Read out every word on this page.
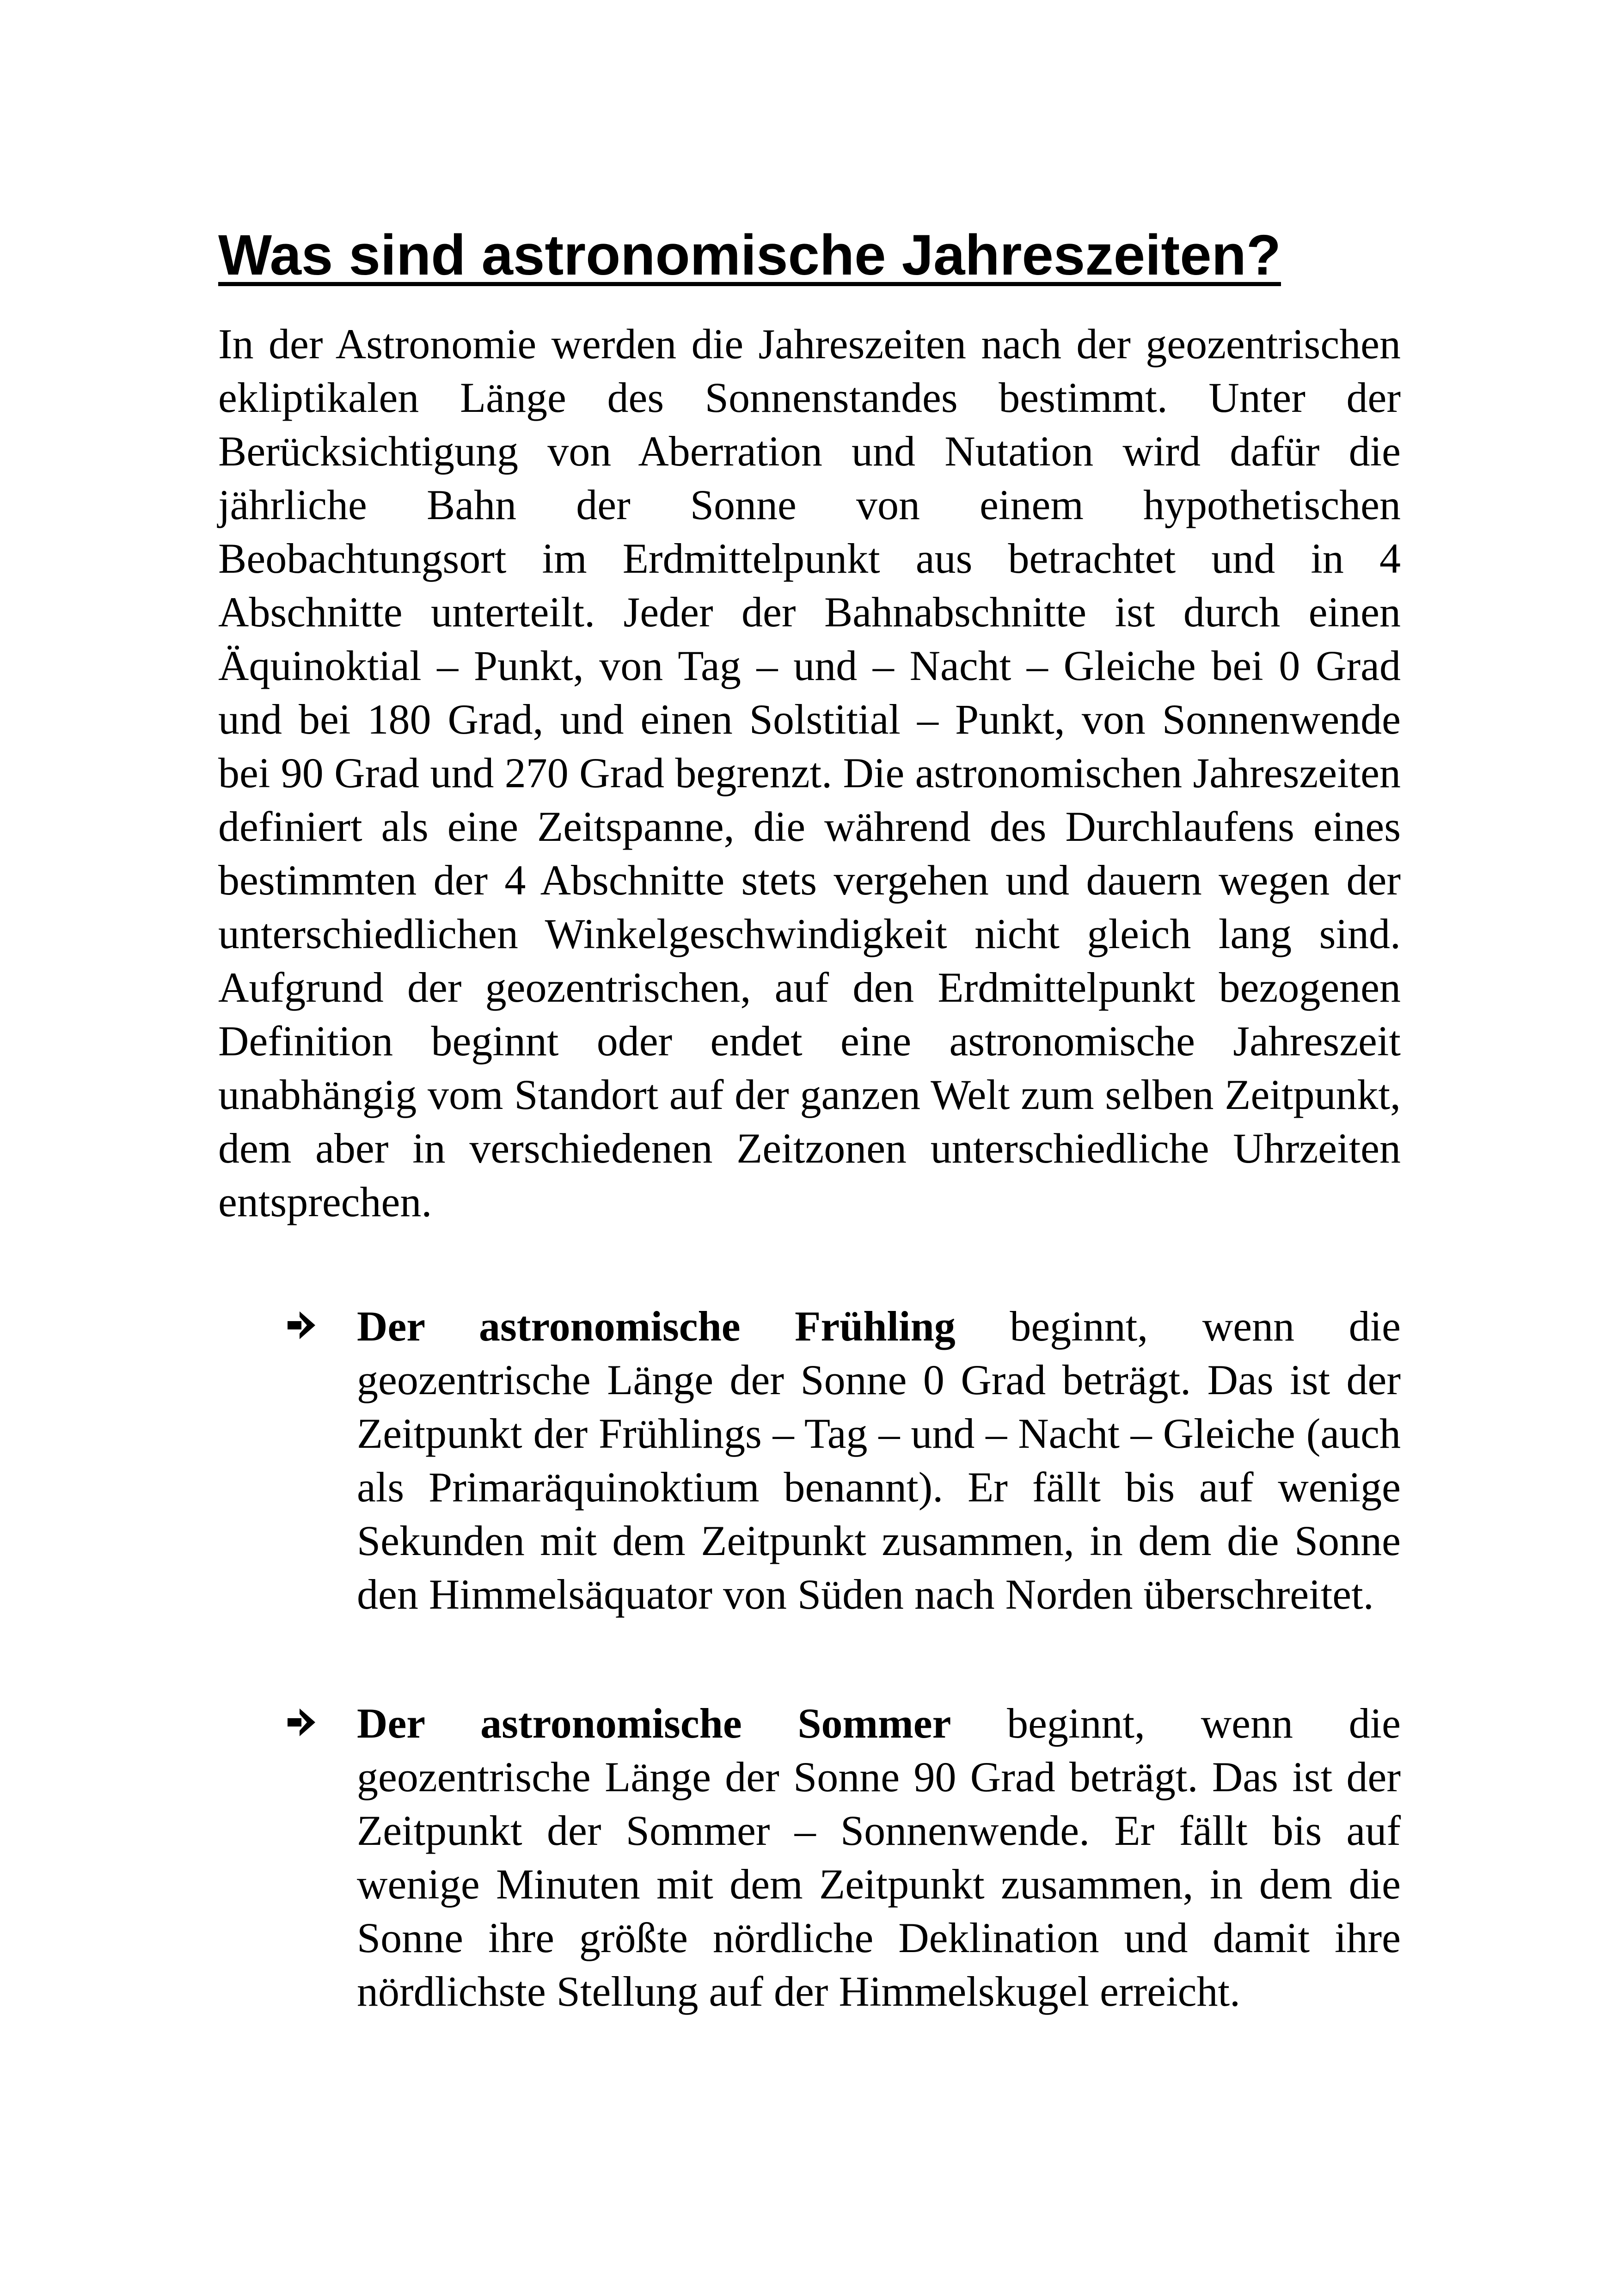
Was sind astronomische Jahreszeiten?

In der Astronomie werden die Jahreszeiten nach der geozentrischen ekliptikalen Länge des Sonnenstandes bestimmt. Unter der Berücksichtigung von Aberration und Nutation wird dafür die jährliche Bahn der Sonne von einem hypothetischen Beobachtungsort im Erdmittelpunkt aus betrachtet und in 4 Abschnitte unterteilt. Jeder der Bahnabschnitte ist durch einen Äquinoktial – Punkt, von Tag – und – Nacht – Gleiche bei 0 Grad und bei 180 Grad, und einen Solstitial – Punkt, von Sonnenwende bei 90 Grad und 270 Grad begrenzt. Die astronomischen Jahreszeiten definiert als eine Zeitspanne, die während des Durchlaufens eines bestimmten der 4 Abschnitte stets vergehen und dauern wegen der unterschiedlichen Winkelgeschwindigkeit nicht gleich lang sind. Aufgrund der geozentrischen, auf den Erdmittelpunkt bezogenen Definition beginnt oder endet eine astronomische Jahreszeit unabhängig vom Standort auf der ganzen Welt zum selben Zeitpunkt, dem aber in verschiedenen Zeitzonen unterschiedliche Uhrzeiten entsprechen.

Der astronomische Frühling beginnt, wenn die geozentrische Länge der Sonne 0 Grad beträgt. Das ist der Zeitpunkt der Frühlings – Tag – und – Nacht – Gleiche (auch als Primaräquinoktium benannt). Er fällt bis auf wenige Sekunden mit dem Zeitpunkt zusammen, in dem die Sonne den Himmelsäquator von Süden nach Norden überschreitet.

Der astronomische Sommer beginnt, wenn die geozentrische Länge der Sonne 90 Grad beträgt. Das ist der Zeitpunkt der Sommer – Sonnenwende. Er fällt bis auf wenige Minuten mit dem Zeitpunkt zusammen, in dem die Sonne ihre größte nördliche Deklination und damit ihre nördlichste Stellung auf der Himmelskugel erreicht.
